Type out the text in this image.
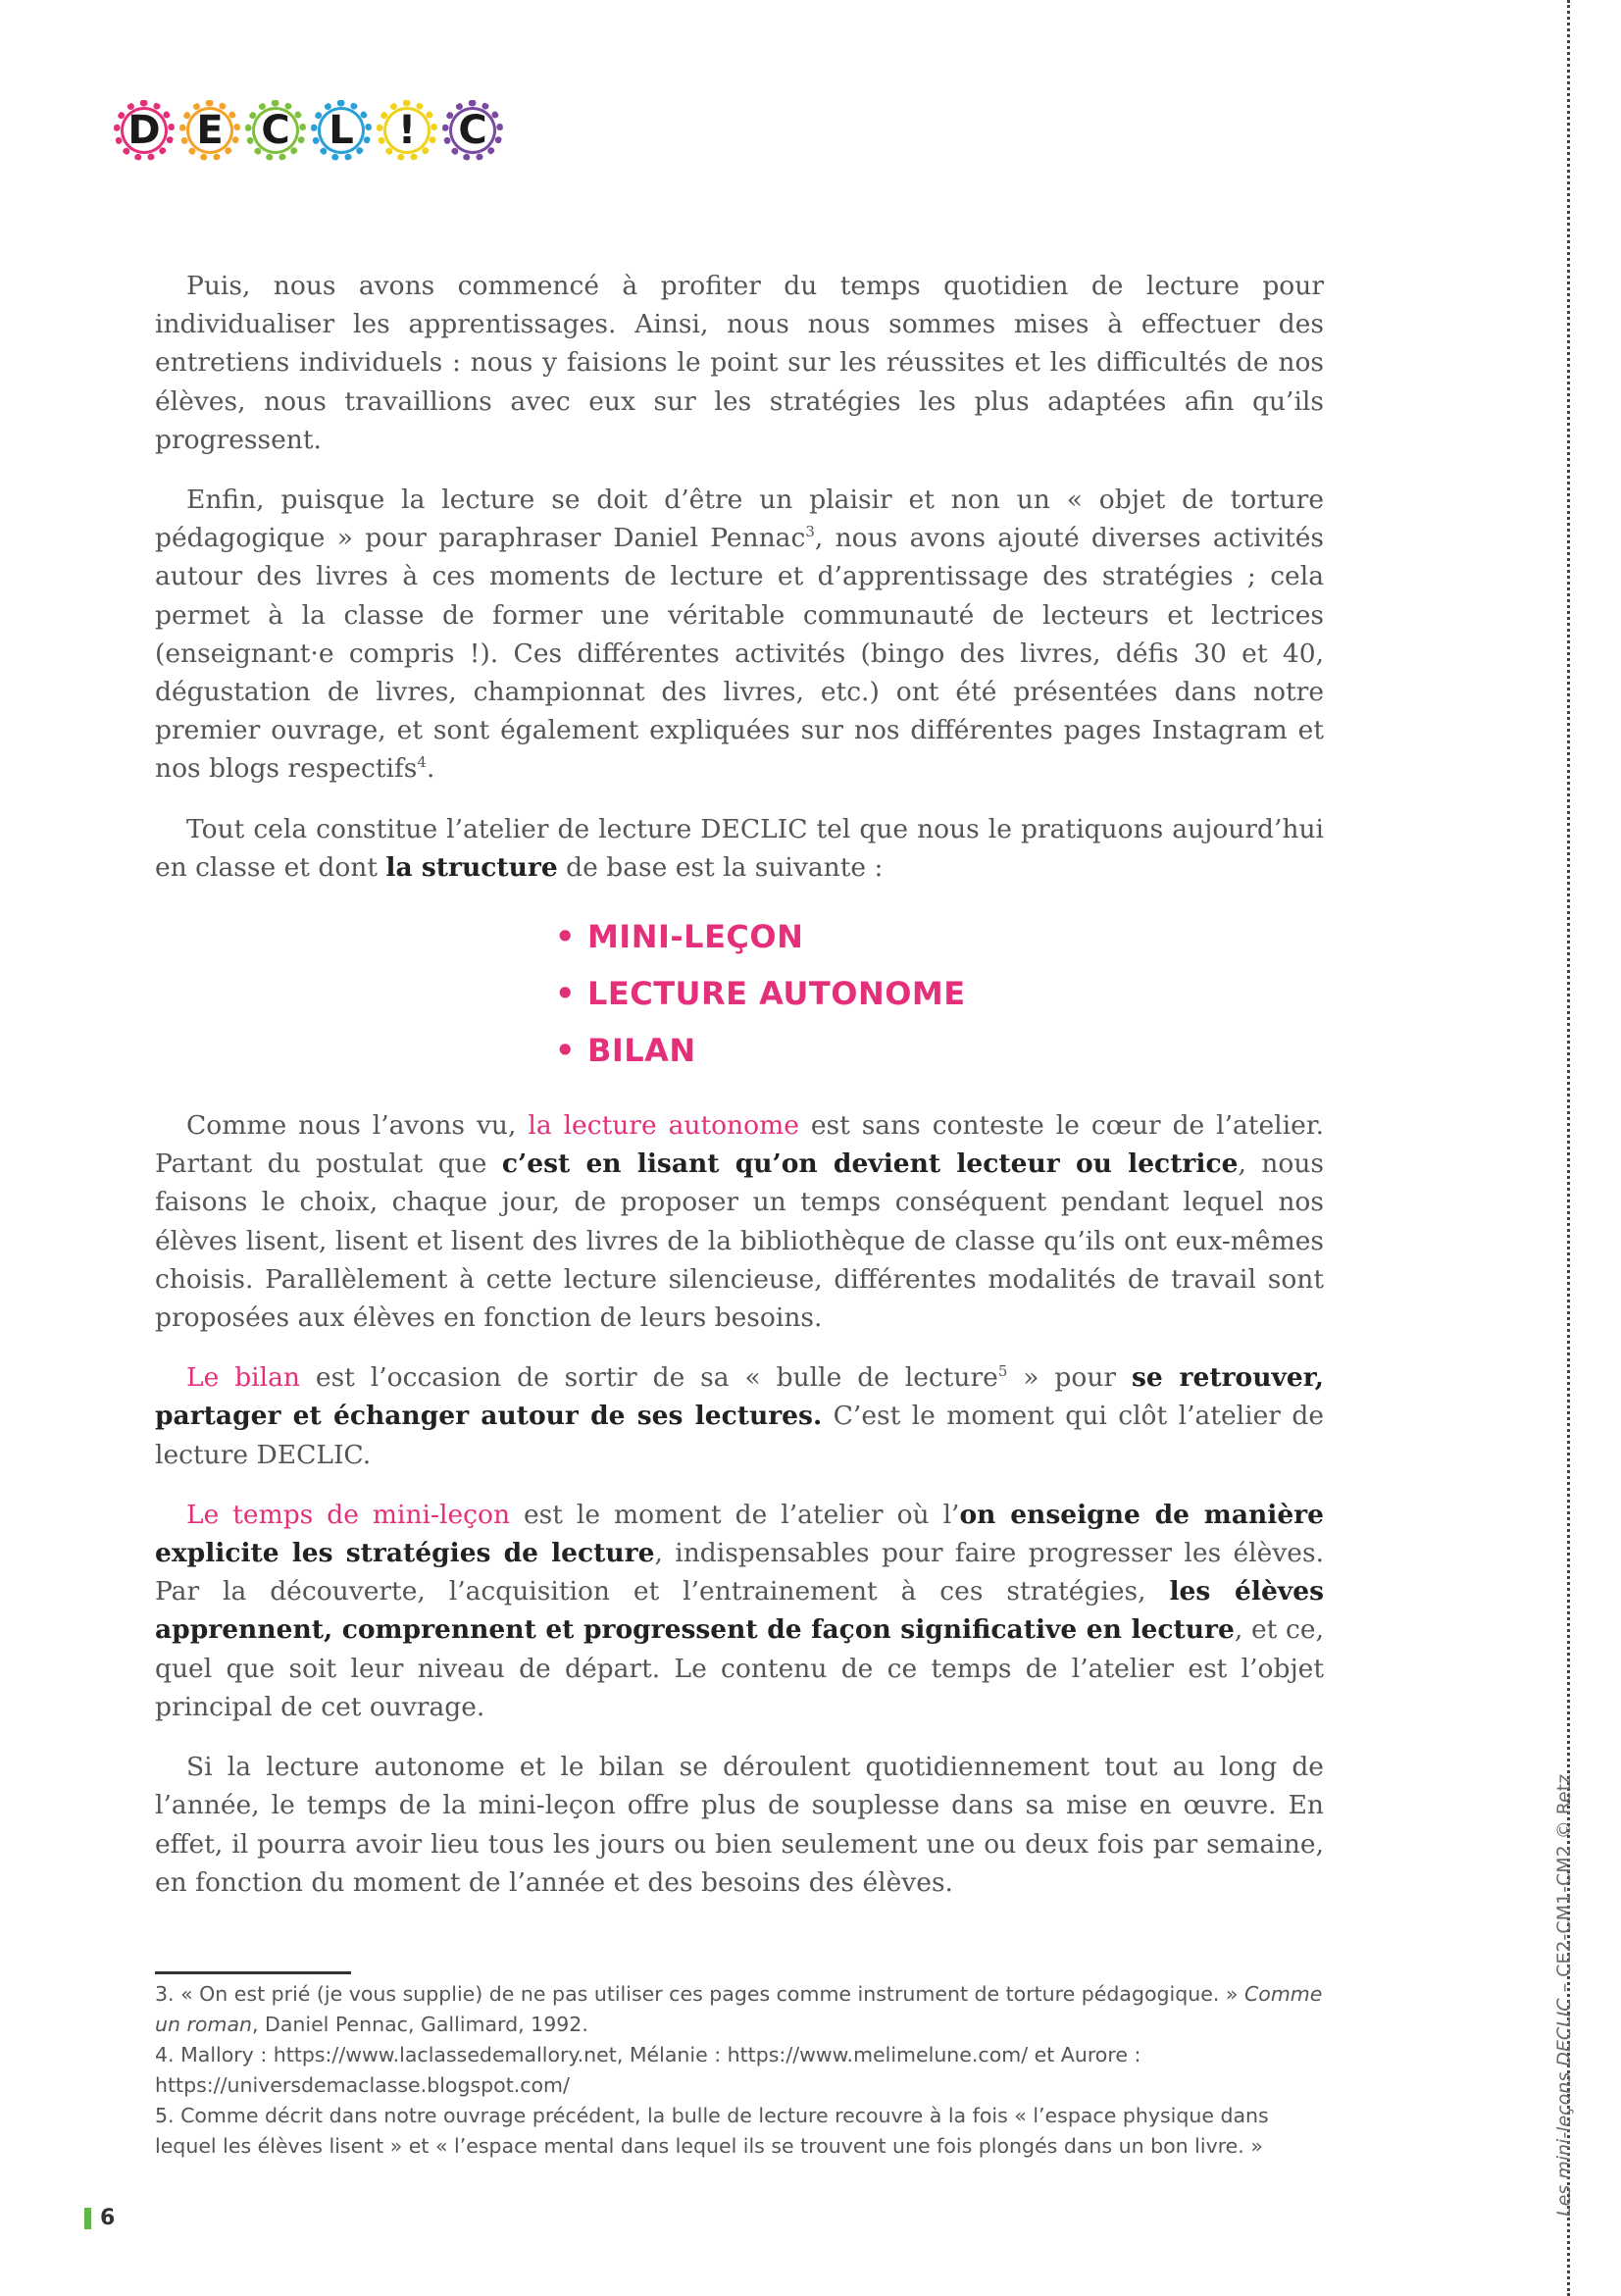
D E C L ! C
Les mini-leçons DECLIC – CE2-CM1-CM2 © Retz

Puis, nous avons commencé à profiter du temps quotidien de lecture pour individualiser les apprentissages. Ainsi, nous nous sommes mises à effectuer des entretiens individuels : nous y faisions le point sur les réussites et les difficultés de nos élèves, nous travaillions avec eux sur les stratégies les plus adaptées afin qu’ils progressent.

Enfin, puisque la lecture se doit d’être un plaisir et non un « objet de torture pédagogique » pour paraphraser Daniel Pennac$^3$, nous avons ajouté diverses activités autour des livres à ces moments de lecture et d’apprentissage des stratégies ; cela permet à la classe de former une véritable communauté de lecteurs et lectrices (enseignant·e compris !). Ces différentes activités (bingo des livres, défis 30 et 40, dégustation de livres, championnat des livres, etc.) ont été présentées dans notre premier ouvrage, et sont également expliquées sur nos différentes pages Instagram et nos blogs respectifs$^4$.

Tout cela constitue l’atelier de lecture DECLIC tel que nous le pratiquons aujourd’hui en classe et dont la structure de base est la suivante :

• MINI-LEÇON
• LECTURE AUTONOME
• BILAN

Comme nous l’avons vu, la lecture autonome est sans conteste le cœur de l’atelier. Partant du postulat que c’est en lisant qu’on devient lecteur ou lectrice, nous faisons le choix, chaque jour, de proposer un temps conséquent pendant lequel nos élèves lisent, lisent et lisent des livres de la bibliothèque de classe qu’ils ont eux-mêmes choisis. Parallèlement à cette lecture silencieuse, différentes modalités de travail sont proposées aux élèves en fonction de leurs besoins.

Le bilan est l’occasion de sortir de sa « bulle de lecture$^5$ » pour se retrouver, partager et échanger autour de ses lectures. C’est le moment qui clôt l’atelier de lecture DECLIC.

Le temps de mini-leçon est le moment de l’atelier où l’on enseigne de manière explicite les stratégies de lecture, indispensables pour faire progresser les élèves. Par la découverte, l’acquisition et l’entrainement à ces stratégies, les élèves apprennent, comprennent et progressent de façon significative en lecture, et ce, quel que soit leur niveau de départ. Le contenu de ce temps de l’atelier est l’objet principal de cet ouvrage.

Si la lecture autonome et le bilan se déroulent quotidiennement tout au long de l’année, le temps de la mini-leçon offre plus de souplesse dans sa mise en œuvre. En effet, il pourra avoir lieu tous les jours ou bien seulement une ou deux fois par semaine, en fonction du moment de l’année et des besoins des élèves.

3. « On est prié (je vous supplie) de ne pas utiliser ces pages comme instrument de torture pédagogique. » Comme un roman, Daniel Pennac, Gallimard, 1992.

4. Mallory : https://www.laclassedemallory.net, Mélanie : https://www.melimelune.com/ et Aurore : https://universdemaclasse.blogspot.com/

5. Comme décrit dans notre ouvrage précédent, la bulle de lecture recouvre à la fois « l’espace physique dans lequel les élèves lisent » et « l’espace mental dans lequel ils se trouvent une fois plongés dans un bon livre. »

6
